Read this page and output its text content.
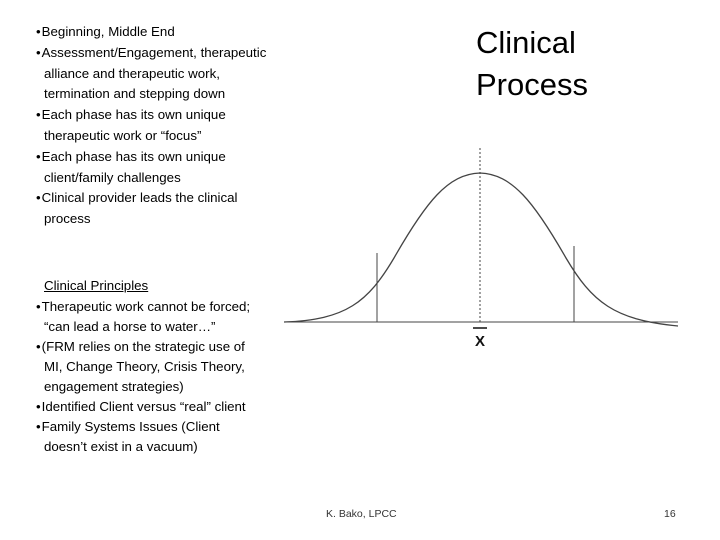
• Beginning, Middle End
• Assessment/Engagement, therapeutic alliance and therapeutic work, termination and stepping down
• Each phase has its own unique therapeutic work or “focus”
• Each phase has its own unique client/family challenges
• Clinical provider leads the clinical process
Clinical Principles
• Therapeutic work cannot be forced; “can lead a horse to water…”
• (FRM relies on the strategic use of MI, Change Theory, Crisis Theory, engagement strategies)
• Identified Client versus “real” client
• Family Systems Issues (Client doesn’t exist in a vacuum)
Clinical Process
X
K. Bako, LPCC	16
